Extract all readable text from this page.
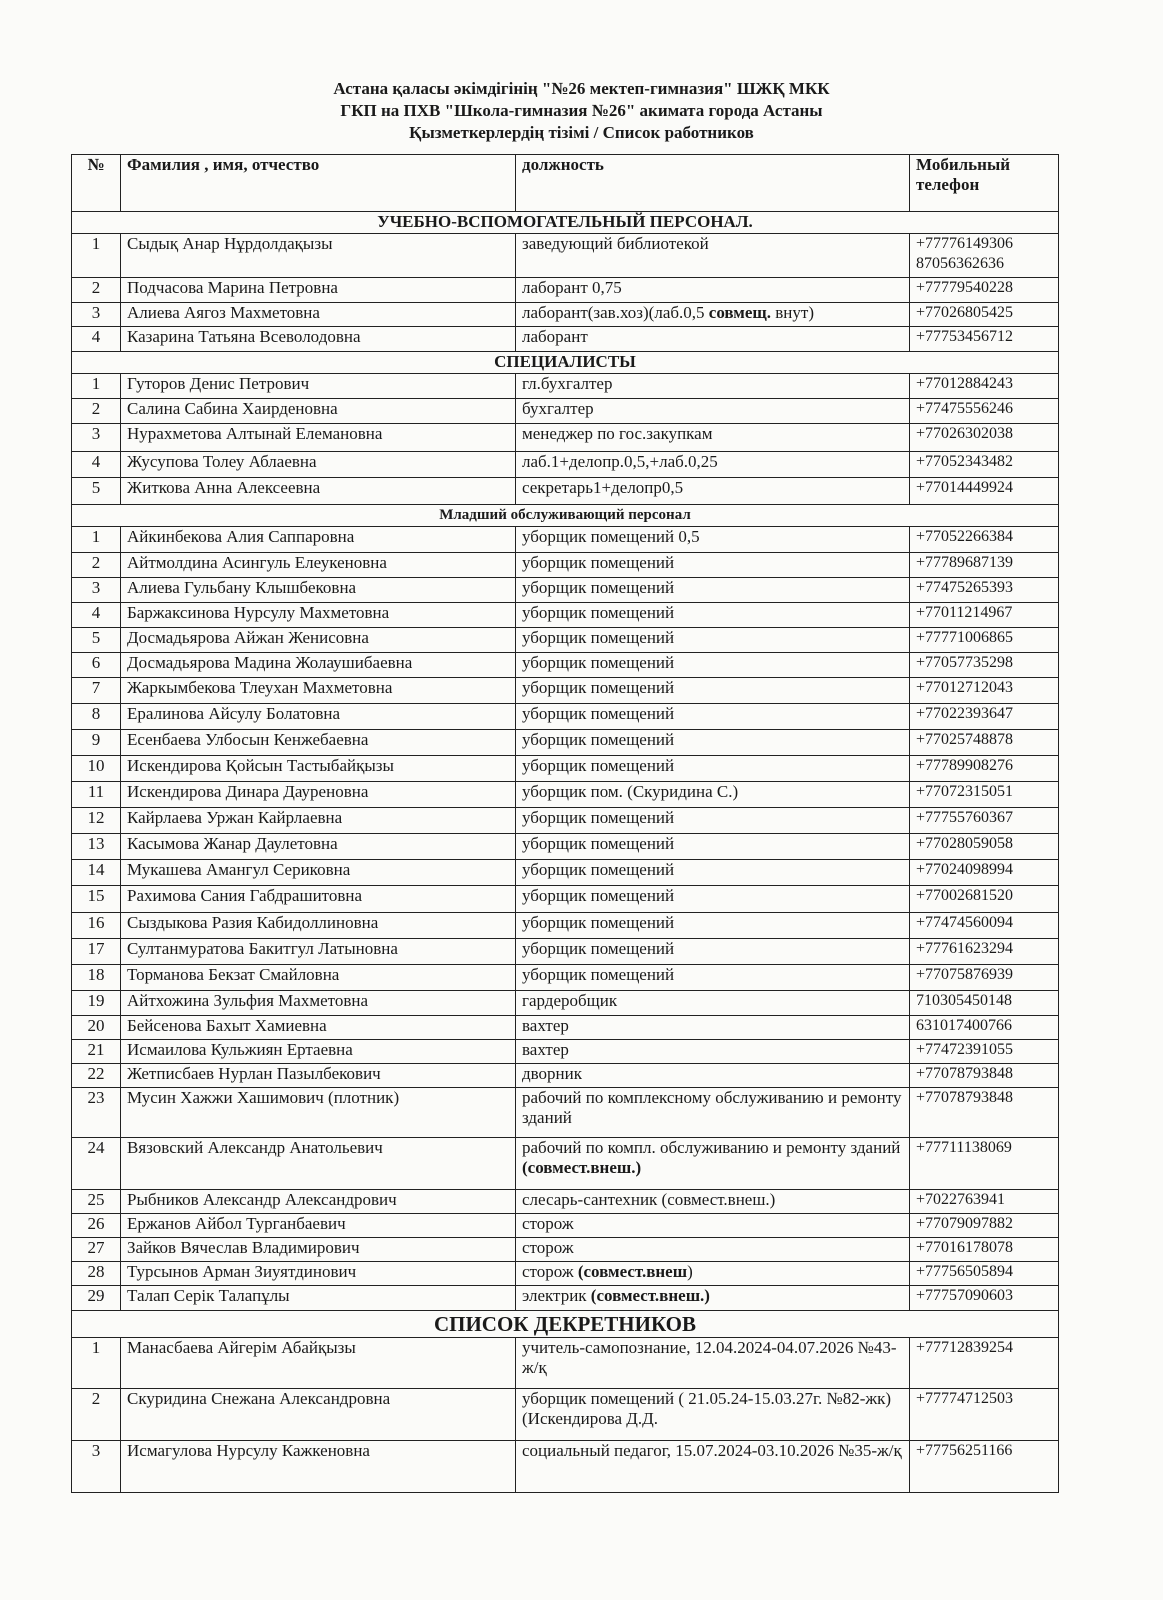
Астана қаласы әкімдігінің "№26 мектеп-гимназия" ШЖҚ МКК
ГКП на ПХВ "Школа-гимназия №26" акимата города Астаны
Қызметкерлердің тізімі / Список работников
№	Фамилия , имя, отчество	должность	Мобильный телефон
УЧЕБНО-ВСПОМОГАТЕЛЬНЫЙ ПЕРСОНАЛ.			
1	Сыдық Анар Нұрдолдақызы	заведующий библиотекой	+77776149306
87056362636
2	Подчасова Марина Петровна	лаборант 0,75	+77779540228
3	Алиева Аягоз Махметовна	лаборант(зав.хоз)(лаб.0,5 совмещ. внут)	+77026805425
4	Казарина Татьяна Всеволодовна	лаборант	+77753456712
СПЕЦИАЛИСТЫ			
1	Гуторов Денис Петрович	гл.бухгалтер	+77012884243
2	Салина Сабина Хаирденовна	бухгалтер	+77475556246
3	Нурахметова Алтынай Елемановна	менеджер по гос.закупкам	+77026302038
4	Жусупова Толеу Аблаевна	лаб.1+делопр.0,5,+лаб.0,25	+77052343482
5	Житкова Анна Алексеевна	секретарь1+делопр0,5	+77014449924
Младший обслуживающий персонал			
1	Айкинбекова Алия Саппаровна	уборщик помещений 0,5	+77052266384
2	Айтмолдина Асингуль Елеукеновна	уборщик помещений	+77789687139
3	Алиева Гульбану Клышбековна	уборщик помещений	+77475265393
4	Баржаксинова Нурсулу Махметовна	уборщик помещений	+77011214967
5	Досмадьярова Айжан Женисовна	уборщик помещений	+77771006865
6	Досмадьярова Мадина Жолаушибаевна	уборщик помещений	+77057735298
7	Жаркымбекова Тлеухан Махметовна	уборщик помещений	+77012712043
8	Ералинова Айсулу Болатовна	уборщик помещений	+77022393647
9	Есенбаева Улбосын Кенжебаевна	уборщик помещений	+77025748878
10	Искендирова Қойсын Тастыбайқызы	уборщик помещений	+77789908276
11	Искендирова Динара Дауреновна	уборщик пом. (Скуридина С.)	+77072315051
12	Кайрлаева Уржан Кайрлаевна	уборщик помещений	+77755760367
13	Касымова Жанар Даулетовна	уборщик помещений	+77028059058
14	Мукашева Амангул Сериковна	уборщик помещений	+77024098994
15	Рахимова Сания Габдрашитовна	уборщик помещений	+77002681520
16	Сыздыкова Разия Кабидоллиновна	уборщик помещений	+77474560094
17	Султанмуратова Бакитгул Латыновна	уборщик помещений	+77761623294
18	Торманова Бекзат Смайловна	уборщик помещений	+77075876939
19	Айтхожина Зульфия Махметовна	гардеробщик	710305450148
20	Бейсенова Бахыт Хамиевна	вахтер	631017400766
21	Исмаилова Кульжиян Ертаевна	вахтер	+77472391055
22	Жетписбаев Нурлан Пазылбекович	дворник	+77078793848
23	Мусин Хажжи Хашимович (плотник)	рабочий по комплексному обслуживанию и ремонту зданий	+77078793848
24	Вязовский Александр Анатольевич	рабочий по компл. обслуживанию и ремонту зданий (совмест.внеш.)	+77711138069
25	Рыбников Александр Александрович	слесарь-сантехник (совмест.внеш.)	+7022763941
26	Ержанов Айбол Турганбаевич	сторож	+77079097882
27	Зайков Вячеслав Владимирович	сторож	+77016178078
28	Турсынов Арман Зиуятдинович	сторож (совмест.внеш)	+77756505894
29	Талап Серік Талапұлы	электрик (совмест.внеш.)	+77757090603
СПИСОК ДЕКРЕТНИКОВ			
1	Манасбаева Айгерім Абайқызы	учитель-самопознание, 12.04.2024-04.07.2026 №43-ж/қ	+77712839254
2	Скуридина Снежана Александровна	уборщик помещений ( 21.05.24-15.03.27г. №82-жк) (Искендирова Д.Д.	+77774712503
3	Исмагулова Нурсулу Кажкеновна	социальный педагог, 15.07.2024-03.10.2026 №35-ж/қ	+77756251166
